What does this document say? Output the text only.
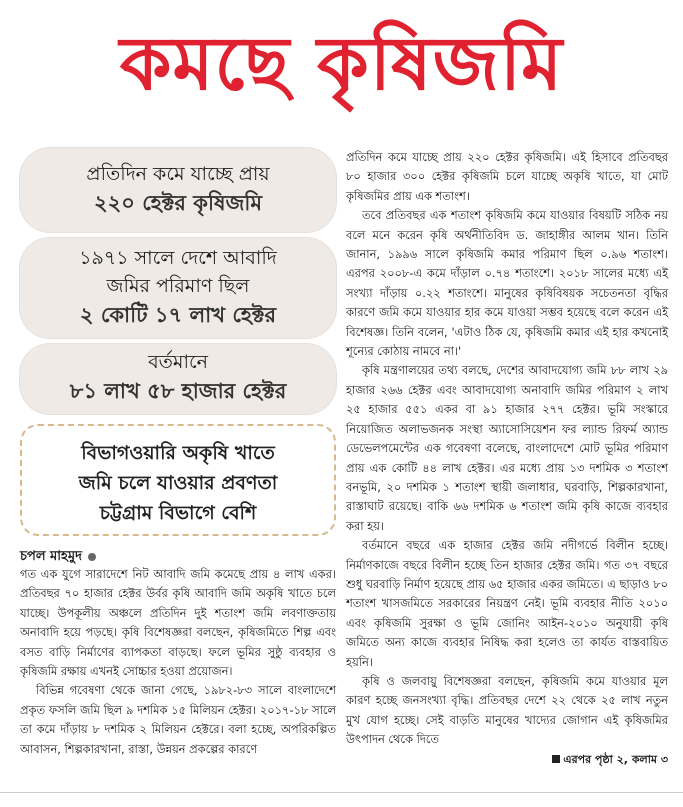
কমছে কৃষিজমি
প্রতিদিন কমে যাচ্ছে প্রায়
২২০ হেক্টর কৃষিজমি
১৯৭১ সালে দেশে আবাদি
জমির পরিমাণ ছিল
২ কোটি ১৭ লাখ হেক্টর
বর্তমানে
৮১ লাখ ৫৮ হাজার হেক্টর
বিভাগওয়ারি অকৃষি খাতে
জমি চলে যাওয়ার প্রবণতা
চট্টগ্রাম বিভাগে বেশি
চপল মাহমুদ

গত এক যুগে সারাদেশে নিট আবাদি জমি কমেছে প্রায় ৪ লাখ একর। প্রতিবছর ৭০ হাজার হেক্টর উর্বর কৃষি আবাদি জমি অকৃষি খাতে চলে যাচ্ছে। উপকূলীয় অঞ্চলে প্রতিদিন দুই শতাংশ জমি লবণাক্ততায় অনাবাদি হয়ে পড়ছে। কৃষি বিশেষজ্ঞরা বলছেন, কৃষিজমিতে শিল্প এবং বসত বাড়ি নির্মাণের ব্যাপকতা বাড়ছে। ফলে ভূমির সুষ্ঠু ব্যবহার ও কৃষিজমি রক্ষায় এখনই সোচ্চার হওয়া প্রয়োজন।

বিভিন্ন গবেষণা থেকে জানা গেছে, ১৯৮২-৮৩ সালে বাংলাদেশে প্রকৃত ফসলি জমি ছিল ৯ দশমিক ১৫ মিলিয়ন হেক্টর। ২০১৭-১৮ সালে তা কমে দাঁড়ায় ৮ দশমিক ২ মিলিয়ন হেক্টরে। বলা হচ্ছে, অপরিকল্পিত আবাসন, শিল্পকারখানা, রাস্তা, উন্নয়ন প্রকল্পের কারণে

প্রতিদিন কমে যাচ্ছে প্রায় ২২০ হেক্টর কৃষিজমি। এই হিসাবে প্রতিবছর ৮০ হাজার ৩০০ হেক্টর কৃষিজমি চলে যাচ্ছে অকৃষি খাতে, যা মোট কৃষিজমির প্রায় এক শতাংশ।

তবে প্রতিবছর এক শতাংশ কৃষিজমি কমে যাওয়ার বিষয়টি সঠিক নয় বলে মনে করেন কৃষি অর্থনীতিবিদ ড. জাহাঙ্গীর আলম খান। তিনি জানান, ১৯৯৬ সালে কৃষিজমি কমার পরিমাণ ছিল ০.৯৬ শতাংশ। এরপর ২০০৮-এ কমে দাঁড়াল ০.৭৪ শতাংশে। ২০১৮ সালের মধ্যে এই সংখ্যা দাঁড়ায় ০.২২ শতাংশে। মানুষের কৃষিবিষয়ক সচেতনতা বৃদ্ধির কারণে জমি কমে যাওয়ার হার কমে যাওয়া সম্ভব হয়েছে বলে করেন এই বিশেষজ্ঞ। তিনি বলেন, 'এটাও ঠিক যে, কৃষিজমি কমার এই হার কখনোই শূন্যের কোঠায় নামবে না।'

কৃষি মন্ত্রণালয়ের তথ্য বলছে, দেশের আবাদযোগ্য জমি ৮৮ লাখ ২৯ হাজার ২৬৬ হেক্টর এবং আবাদযোগ্য অনাবাদি জমির পরিমাণ ২ লাখ ২৫ হাজার ৫৫১ একর বা ৯১ হাজার ২৭৭ হেক্টর। ভূমি সংস্কারে নিয়োজিত অলাভজনক সংস্থা অ্যাসোসিয়েশন ফর ল্যান্ড রিফর্ম অ্যান্ড ডেভেলপমেন্টের এক গবেষণা বলেছে, বাংলাদেশে মোট ভূমির পরিমাণ প্রায় এক কোটি ৪৪ লাখ হেক্টর। এর মধ্যে প্রায় ১৩ দশমিক ৩ শতাংশ বনভূমি, ২০ দশমিক ১ শতাংশ স্থায়ী জলাধার, ঘরবাড়ি, শিল্পকারখানা, রাস্তাঘাট রয়েছে। বাকি ৬৬ দশমিক ৬ শতাংশ জমি কৃষি কাজে ব্যবহার করা হয়।

বর্তমানে বছরে এক হাজার হেক্টর জমি নদীগর্ভে বিলীন হচ্ছে। নির্মাণকাজে বছরে বিলীন হচ্ছে তিন হাজার হেক্টর জমি। গত ৩৭ বছরে শুধু ঘরবাড়ি নির্মাণ হয়েছে প্রায় ৬৫ হাজার একর জমিতে। এ ছাড়াও ৮০ শতাংশ খাসজমিতে সরকারের নিয়ন্ত্রণ নেই। ভূমি ব্যবহার নীতি ২০১০ এবং কৃষিজমি সুরক্ষা ও ভূমি জোনিং আইন-২০১০ অনুযায়ী কৃষি জমিতে অন্য কাজে ব্যবহার নিষিদ্ধ করা হলেও তা কার্যত বাস্তবায়িত হয়নি।

কৃষি ও জলবায়ু বিশেষজ্ঞরা বলছেন, কৃষিজমি কমে যাওয়ার মূল কারণ হচ্ছে জনসংখ্যা বৃদ্ধি। প্রতিবছর দেশে ২২ থেকে ২৫ লাখ নতুন মুখ যোগ হচ্ছে। সেই বাড়তি মানুষের খাদ্যের জোগান এই কৃষিজমির উৎপাদন থেকে দিতে

এরপর পৃষ্ঠা ২, কলাম ৩
